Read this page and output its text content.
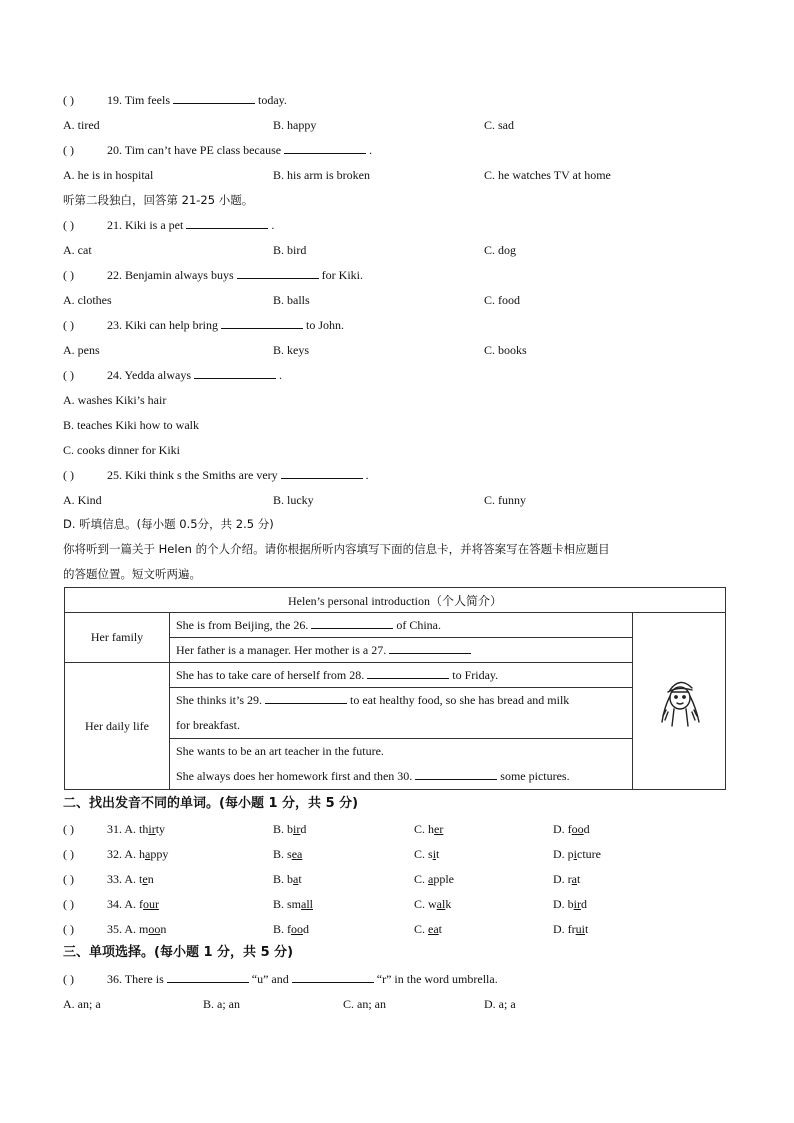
( )	19. Tim feels	today.
A. tired	B. happy	C. sad
( )	20. Tim can’t have PE class because	.
A. he is in hospital	B. his arm is broken	C. he watches TV at home
听第二段独白，回答第 21-25 小题。
( )	21. Kiki is a pet	.
A. cat	B. bird	C. dog
( )	22. Benjamin always buys	for Kiki.
A. clothes	B. balls	C. food
( )	23. Kiki can help bring	to John.
A. pens	B. keys	C. books
( )	24. Yedda always	.
A. washes Kiki’s hair
B. teaches Kiki how to walk
C. cooks dinner for Kiki
( )	25. Kiki think s the Smiths are very	.
A. Kind	B. lucky	C. funny
D. 听填信息。(每小题 0.5分，共 2.5 分)
你将听到一篇关于 Helen 的个人介绍。请你根据所听内容填写下面的信息卡，并将答案写在答题卡相应题目
的答题位置。短文听两遍。
Helen’s personal introduction（个人简介）		
Her family	She is from Beijing, the 26. of China.	
	Her father is a manager. Her mother is a 27.	
Her daily life	She has to take care of herself from 28. to Friday.	
	She thinks it’s 29. to eat healthy food, so she has bread and milk
for breakfast.	
	She wants to be an art teacher in the future.
She always does her homework first and then 30. some pictures.	
二、找出发音不同的单词。(每小题 1 分，共 5 分)
( )	31. A. thirty	B. bird	C. her	D. food
( )	32. A. happy	B. sea	C. sit	D. picture
( )	33. A. ten	B. bat	C. apple	D. rat
( )	34. A. four	B. small	C. walk	D. bird
( )	35. A. moon	B. food	C. eat	D. fruit
三、单项选择。(每小题 1 分，共 5 分)
( )	36. There is	“u” and	“r” in the word umbrella.
A. an; a	B. a; an	C. an; an	D. a; a
